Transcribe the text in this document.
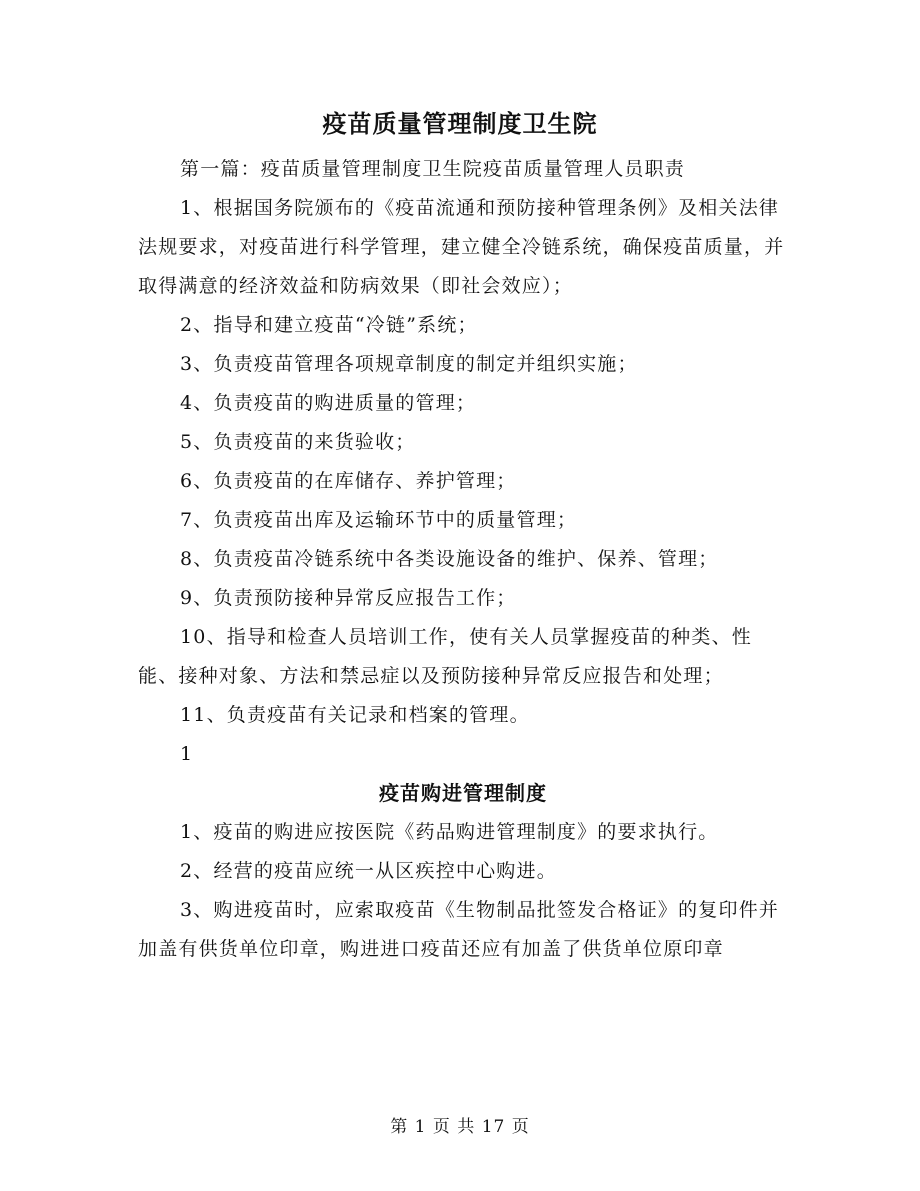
疫苗质量管理制度卫生院

第一篇：疫苗质量管理制度卫生院疫苗质量管理人员职责

1、根据国务院颁布的《疫苗流通和预防接种管理条例》及相关法律法规要求，对疫苗进行科学管理，建立健全冷链系统，确保疫苗质量，并取得满意的经济效益和防病效果（即社会效应）；

2、指导和建立疫苗“冷链”系统；

3、负责疫苗管理各项规章制度的制定并组织实施；

4、负责疫苗的购进质量的管理；

5、负责疫苗的来货验收；

6、负责疫苗的在库储存、养护管理；

7、负责疫苗出库及运输环节中的质量管理；

8、负责疫苗冷链系统中各类设施设备的维护、保养、管理；

9、负责预防接种异常反应报告工作；

10、指导和检查人员培训工作，使有关人员掌握疫苗的种类、性能、接种对象、方法和禁忌症以及预防接种异常反应报告和处理；

11、负责疫苗有关记录和档案的管理。

1

疫苗购进管理制度

1、疫苗的购进应按医院《药品购进管理制度》的要求执行。

2、经营的疫苗应统一从区疾控中心购进。

3、购进疫苗时，应索取疫苗《生物制品批签发合格证》的复印件并加盖有供货单位印章，购进进口疫苗还应有加盖了供货单位原印章

第 1 页 共 17 页
